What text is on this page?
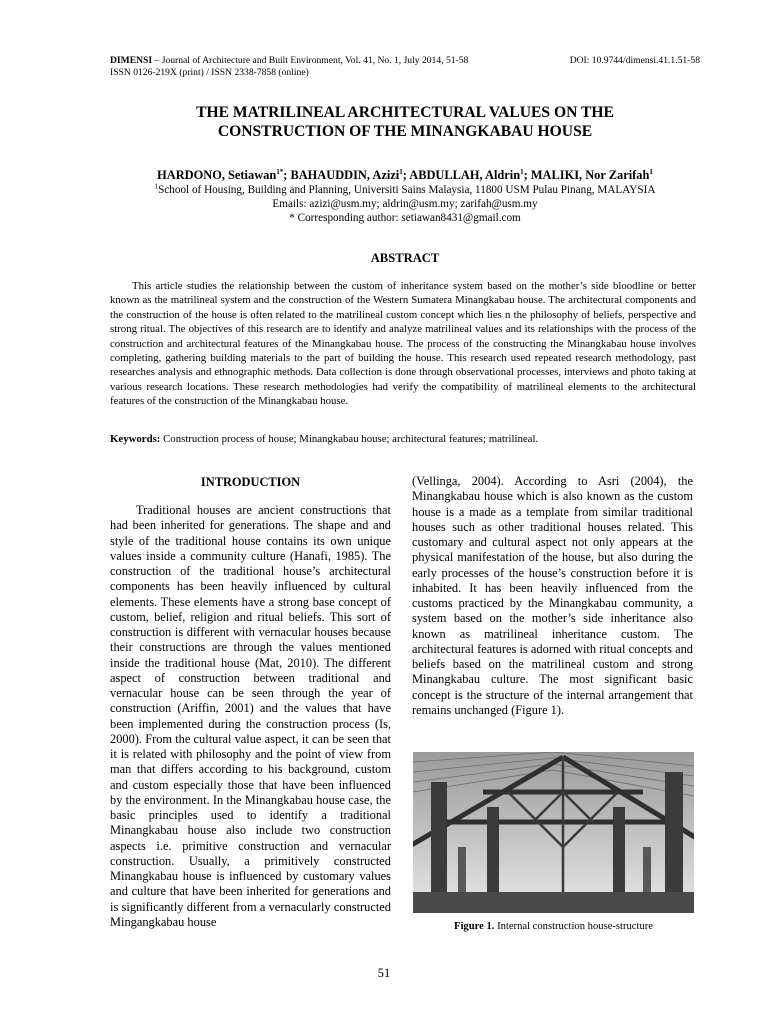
DIMENSI – Journal of Architecture and Built Environment, Vol. 41, No. 1, July 2014, 51-58
ISSN 0126-219X (print) / ISSN 2338-7858 (online)
DOI: 10.9744/dimensi.41.1.51-58
THE MATRILINEAL ARCHITECTURAL VALUES ON THE
CONSTRUCTION OF THE MINANGKABAU HOUSE
HARDONO, Setiawan$^{1*}$; BAHAUDDIN, Azizi$^1$; ABDULLAH, Aldrin$^1$; MALIKI, Nor Zarifah$^1$
$^1$School of Housing, Building and Planning, Universiti Sains Malaysia, 11800 USM Pulau Pinang, MALAYSIA
Emails: azizi@usm.my; aldrin@usm.my; zarifah@usm.my
* Corresponding author: setiawan8431@gmail.com
ABSTRACT

This article studies the relationship between the custom of inheritance system based on the mother’s side bloodline or better known as the matrilineal system and the construction of the Western Sumatera Minangkabau house. The architectural components and the construction of the house is often related to the matrilineal custom concept which lies n the philosophy of beliefs, perspective and strong ritual. The objectives of this research are to identify and analyze matrilineal values and its relationships with the process of the construction and architectural features of the Minangkabau house. The process of the constructing the Minangkabau house involves completing, gathering building materials to the part of building the house. This research used repeated research methodology, past researches analysis and ethnographic methods. Data collection is done through observational processes, interviews and photo taking at various research locations. These research methodologies had verify the compatibility of matrilineal elements to the architectural features of the construction of the Minangkabau house.

Keywords: Construction process of house; Minangkabau house; architectural features; matrilineal.
INTRODUCTION

Traditional houses are ancient constructions that had been inherited for generations. The shape and and style of the traditional house contains its own unique values inside a community culture (Hanafi, 1985). The construction of the traditional house’s architectural components has been heavily influenced by cultural elements. These elements have a strong base concept of custom, belief, religion and ritual beliefs. This sort of construction is different with vernacular houses because their constructions are through the values mentioned inside the traditional house (Mat, 2010). The different aspect of construction between traditional and vernacular house can be seen through the year of construction (Ariffin, 2001) and the values that have been implemented during the construction process (Is, 2000). From the cultural value aspect, it can be seen that it is related with philosophy and the point of view from man that differs according to his background, custom and custom especially those that have been influenced by the environment. In the Minangkabau house case, the basic principles used to identify a traditional Minangkabau house also include two construction aspects i.e. primitive construction and vernacular construction. Usually, a primitively constructed Minangkabau house is influenced by customary values and culture that have been inherited for generations and is significantly different from a vernacularly constructed Mingangkabau house

(Vellinga, 2004). According to Asri (2004), the Minangkabau house which is also known as the custom house is a made as a template from similar traditional houses such as other traditional houses related. This customary and cultural aspect not only appears at the physical manifestation of the house, but also during the early processes of the house’s construction before it is inhabited. It has been heavily influenced from the customs practiced by the Minangkabau community, a system based on the mother’s side inheritance also known as matrilineal inheritance custom. The architectural features is adorned with ritual concepts and beliefs based on the matrilineal custom and strong Minangkabau culture. The most significant basic concept is the structure of the internal arrangement that remains unchanged (Figure 1).

Figure 1. Internal construction house-structure
51
